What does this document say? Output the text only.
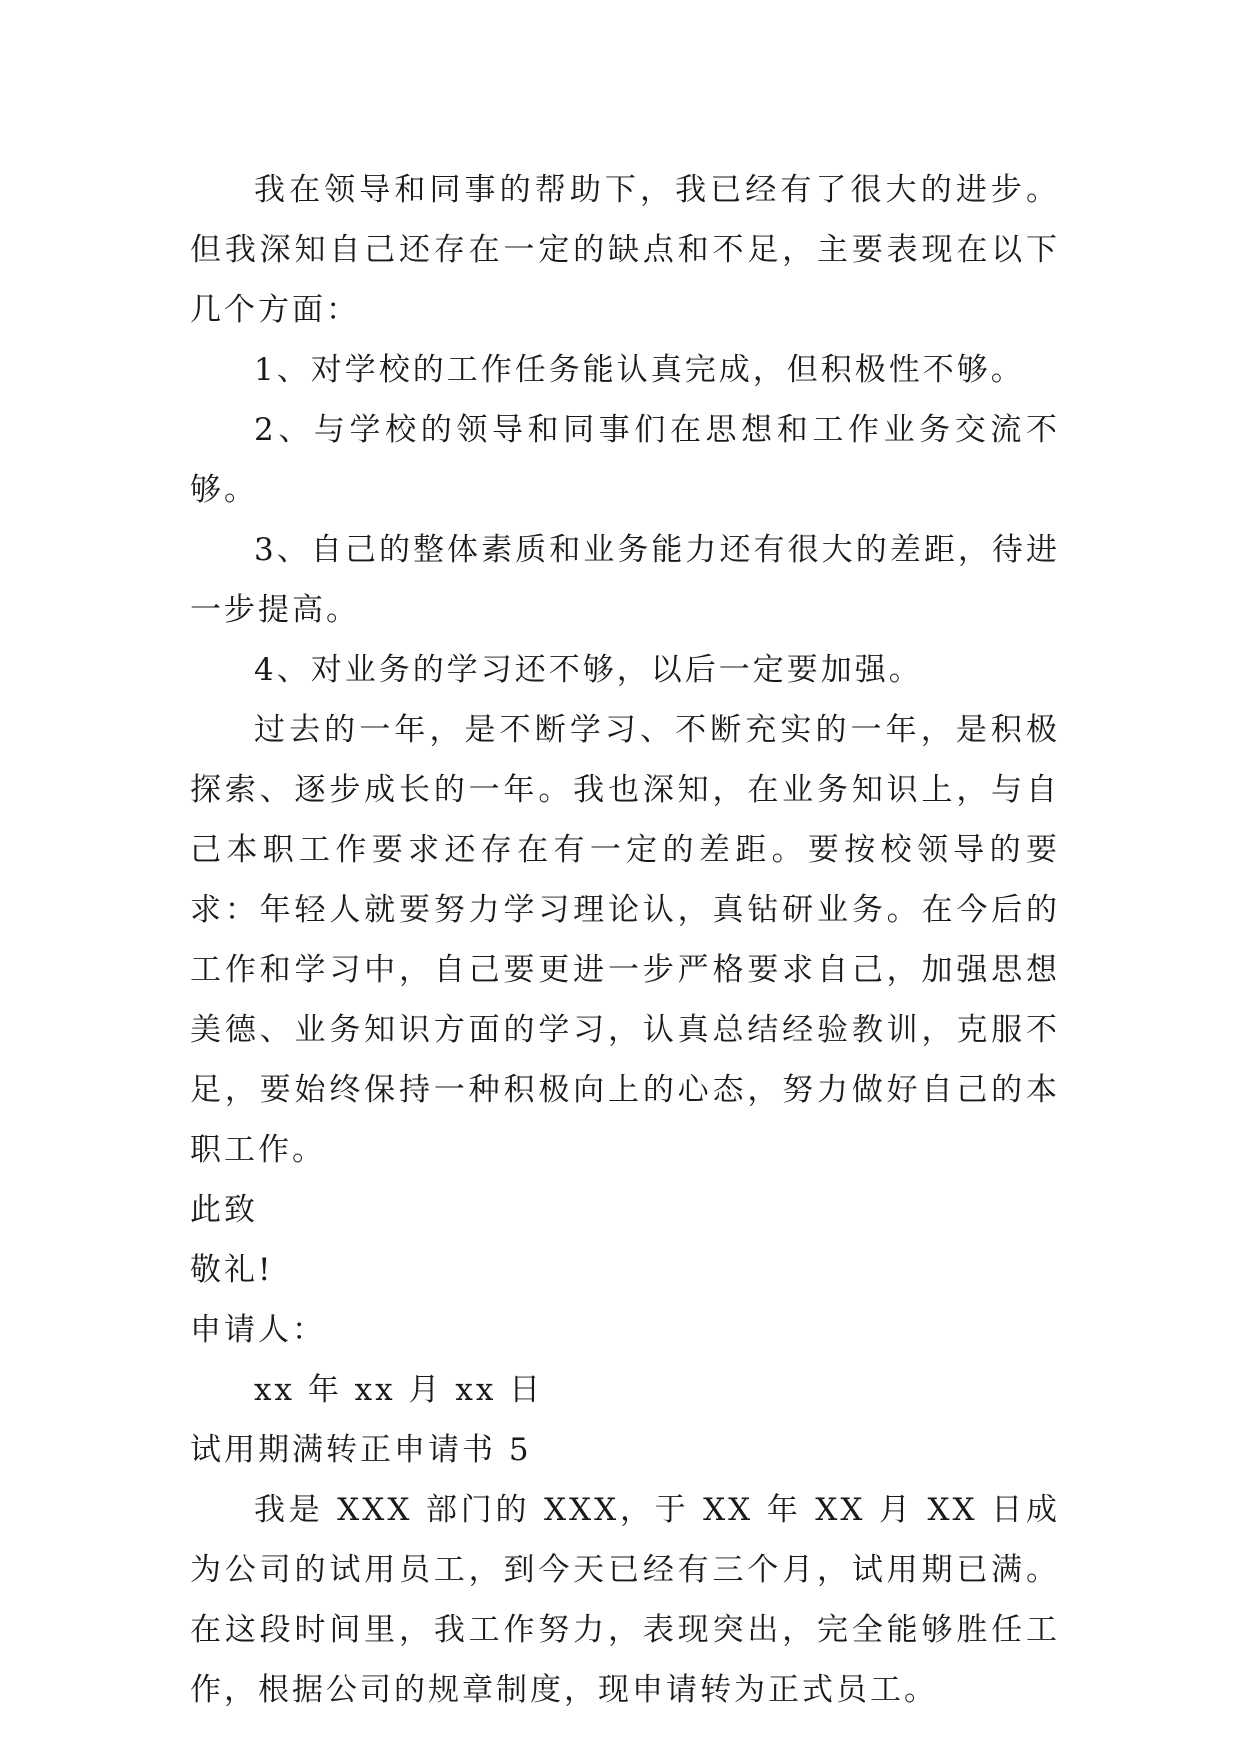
我在领导和同事的帮助下，我已经有了很大的进步。但我深知自己还存在一定的缺点和不足，主要表现在以下几个方面：

1、对学校的工作任务能认真完成，但积极性不够。

2、与学校的领导和同事们在思想和工作业务交流不够。

3、自己的整体素质和业务能力还有很大的差距，待进一步提高。

4、对业务的学习还不够，以后一定要加强。

过去的一年，是不断学习、不断充实的一年，是积极探索、逐步成长的一年。我也深知，在业务知识上，与自己本职工作要求还存在有一定的差距。要按校领导的要求：年轻人就要努力学习理论认，真钻研业务。在今后的工作和学习中，自己要更进一步严格要求自己，加强思想美德、业务知识方面的学习，认真总结经验教训，克服不足，要始终保持一种积极向上的心态，努力做好自己的本职工作。

此致

敬礼!

申请人：

xx 年 xx 月 xx 日

试用期满转正申请书 5

我是 XXX 部门的 XXX，于 XX 年 XX 月 XX 日成为公司的试用员工，到今天已经有三个月，试用期已满。在这段时间里，我工作努力，表现突出，完全能够胜任工作，根据公司的规章制度，现申请转为正式员工。
